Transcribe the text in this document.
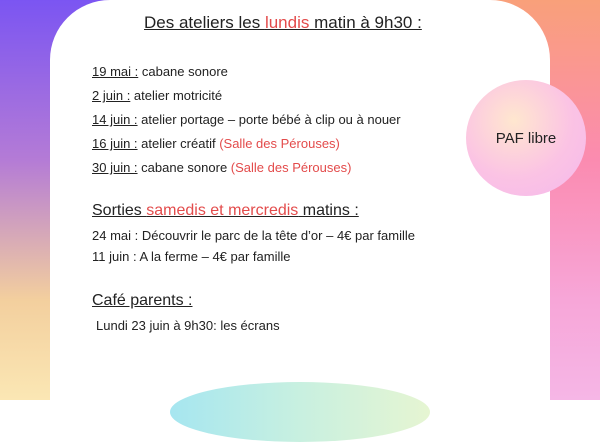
PAF libre
Des ateliers les lundis matin à 9h30 :
19 mai : cabane sonore
2 juin : atelier motricité
14 juin : atelier portage – porte bébé à clip ou à nouer
16 juin : atelier créatif (Salle des Pérouses)
30 juin : cabane sonore (Salle des Pérouses)
Sorties samedis et mercredis matins :
24 mai : Découvrir le parc de la tête d’or – 4€ par famille
11 juin : A la ferme – 4€ par famille
Café parents :
Lundi 23 juin à 9h30: les écrans
